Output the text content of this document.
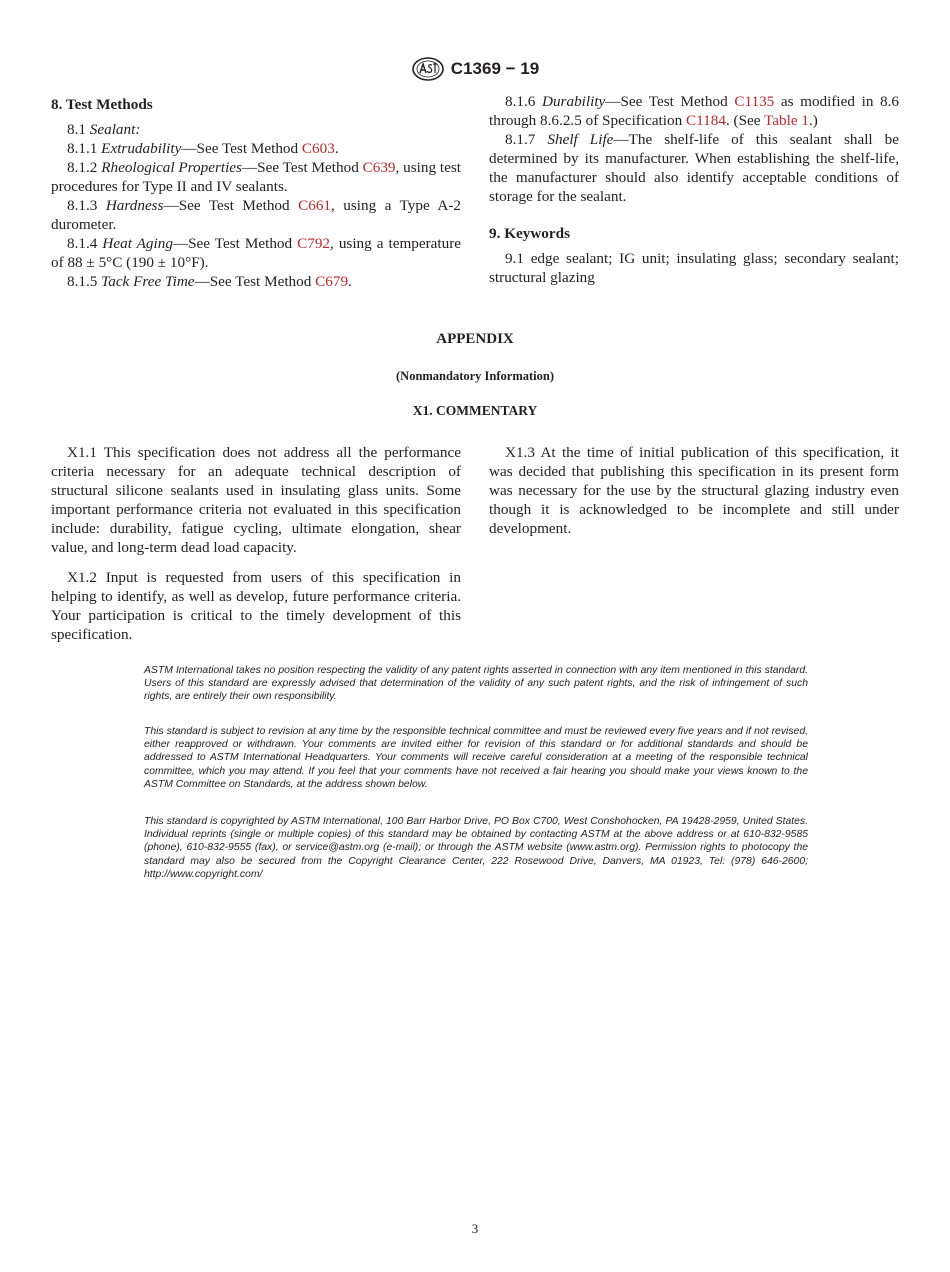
C1369 − 19

8. Test Methods

8.1 Sealant:

8.1.1 Extrudability—See Test Method C603.

8.1.2 Rheological Properties—See Test Method C639, using test procedures for Type II and IV sealants.

8.1.3 Hardness—See Test Method C661, using a Type A-2 durometer.

8.1.4 Heat Aging—See Test Method C792, using a temperature of 88 ± 5°C (190 ± 10°F).

8.1.5 Tack Free Time—See Test Method C679.

8.1.6 Durability—See Test Method C1135 as modified in 8.6 through 8.6.2.5 of Specification C1184. (See Table 1.)

8.1.7 Shelf Life—The shelf-life of this sealant shall be determined by its manufacturer. When establishing the shelf-life, the manufacturer should also identify acceptable conditions of storage for the sealant.

9. Keywords

9.1 edge sealant; IG unit; insulating glass; secondary sealant; structural glazing

APPENDIX
(Nonmandatory Information)
X1. COMMENTARY

X1.1 This specification does not address all the performance criteria necessary for an adequate technical description of structural silicone sealants used in insulating glass units. Some important performance criteria not evaluated in this specification include: durability, fatigue cycling, ultimate elongation, shear value, and long-term dead load capacity.

X1.2 Input is requested from users of this specification in helping to identify, as well as develop, future performance criteria. Your participation is critical to the timely development of this specification.

X1.3 At the time of initial publication of this specification, it was decided that publishing this specification in its present form was necessary for the use by the structural glazing industry even though it is acknowledged to be incomplete and still under development.

ASTM International takes no position respecting the validity of any patent rights asserted in connection with any item mentioned in this standard. Users of this standard are expressly advised that determination of the validity of any such patent rights, and the risk of infringement of such rights, are entirely their own responsibility.

This standard is subject to revision at any time by the responsible technical committee and must be reviewed every five years and if not revised, either reapproved or withdrawn. Your comments are invited either for revision of this standard or for additional standards and should be addressed to ASTM International Headquarters. Your comments will receive careful consideration at a meeting of the responsible technical committee, which you may attend. If you feel that your comments have not received a fair hearing you should make your views known to the ASTM Committee on Standards, at the address shown below.

This standard is copyrighted by ASTM International, 100 Barr Harbor Drive, PO Box C700, West Conshohocken, PA 19428-2959, United States. Individual reprints (single or multiple copies) of this standard may be obtained by contacting ASTM at the above address or at 610-832-9585 (phone), 610-832-9555 (fax), or service@astm.org (e-mail); or through the ASTM website (www.astm.org). Permission rights to photocopy the standard may also be secured from the Copyright Clearance Center, 222 Rosewood Drive, Danvers, MA 01923, Tel: (978) 646-2600; http://www.copyright.com/

3
